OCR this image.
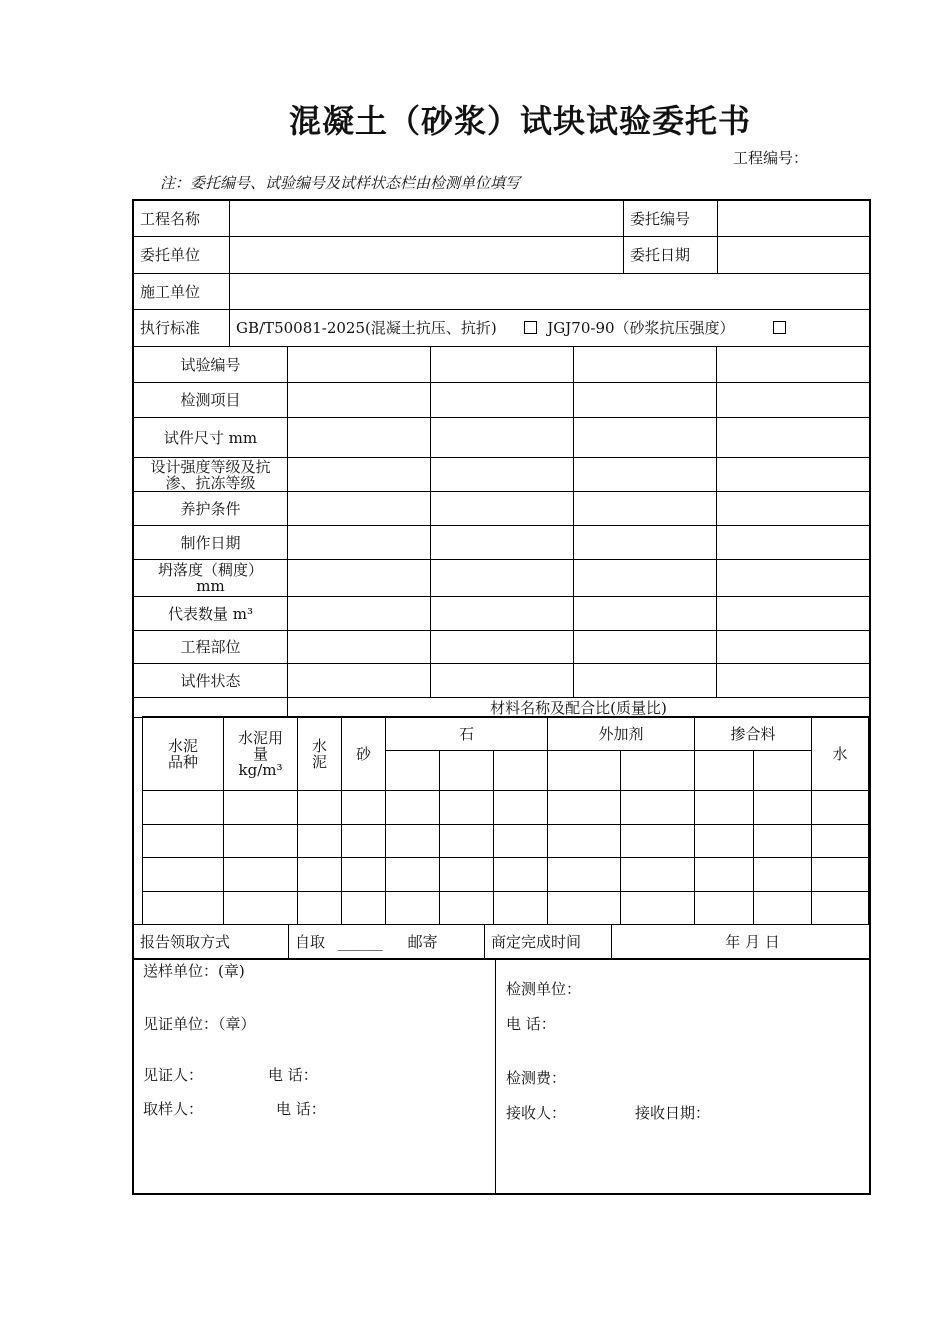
混凝土（砂浆）试块试验委托书
工程编号：
注：委托编号、试验编号及试样状态栏由检测单位填写
工程名称		委托编号	
委托单位		委托日期	
施工单位			
执行标准	GB/T50081-2025(混凝土抗压、抗折) JGJ70-90（砂浆抗压强度）		
试验编号				
检测项目				
试件尺寸 mm				
设计强度等级及抗渗、抗冻等级				
养护条件				
制作日期				
坍落度（稠度）mm				
代表数量 m³				
工程部位				
试件状态				
	材料名称及配合比(质量比)			
水泥品种	水泥用量kg/m³	水泥	砂	石			外加剂		掺合料		水

报告领取方式	自取 ______ 邮寄	商定完成时间	年 月 日
送样单位：(章)
见证单位：（章）
见证人：	电 话：
取样人：	电 话：
检测单位：
电 话：
检测费：
接收人：	接收日期：
